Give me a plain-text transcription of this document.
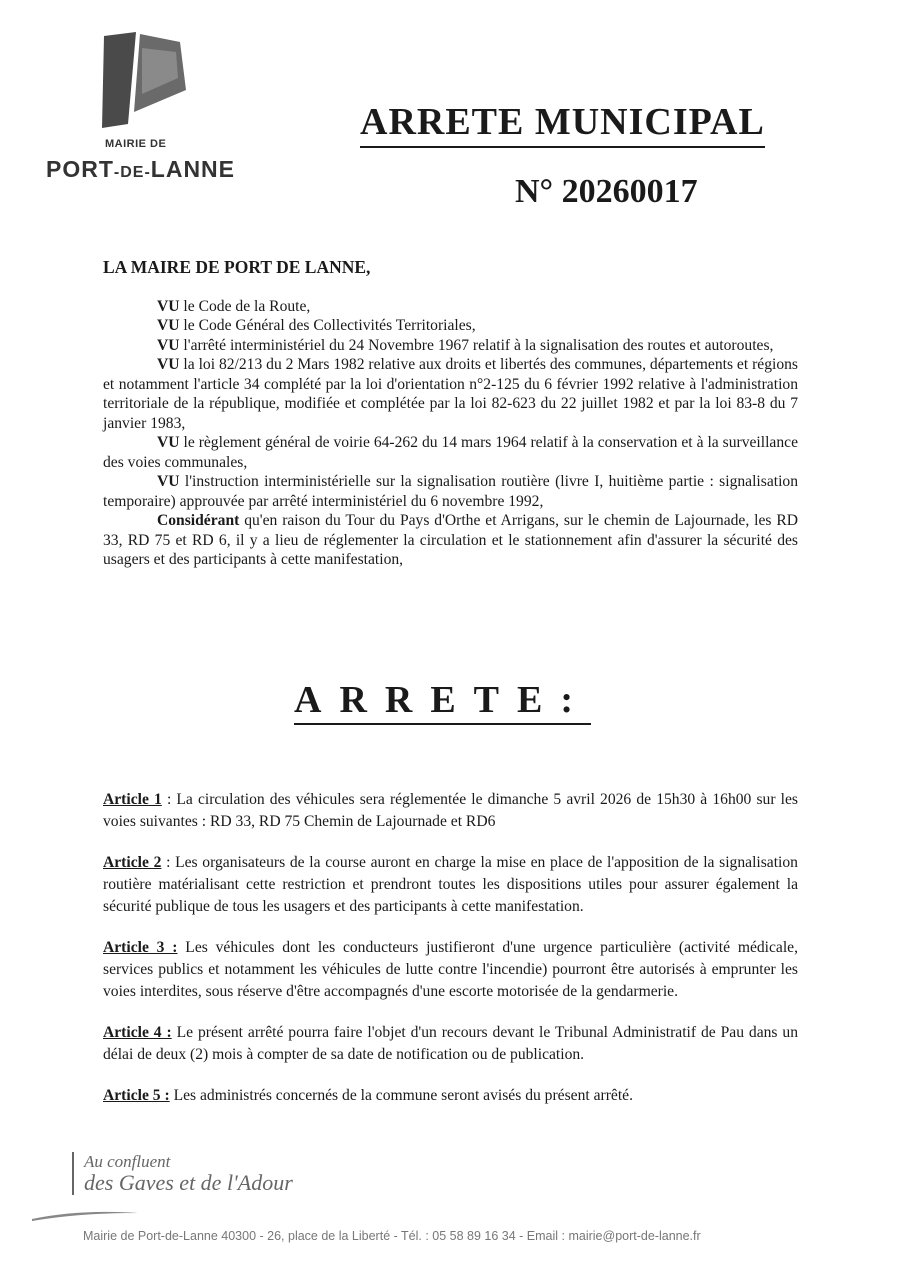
MAIRIE DE
PORT-DE-LANNE
ARRETE MUNICIPAL
N° 20260017
LA MAIRE DE PORT DE LANNE,

VU le Code de la Route,

VU le Code Général des Collectivités Territoriales,

VU l'arrêté interministériel du 24 Novembre 1967 relatif à la signalisation des routes et autoroutes,

VU la loi 82/213 du 2 Mars 1982 relative aux droits et libertés des communes, départements et régions et notamment l'article 34 complété par la loi d'orientation n°2-125 du 6 février 1992 relative à l'administration territoriale de la république, modifiée et complétée par la loi 82-623 du 22 juillet 1982 et par la loi 83-8 du 7 janvier 1983,

VU le règlement général de voirie 64-262 du 14 mars 1964 relatif à la conservation et à la surveillance des voies communales,

VU l'instruction interministérielle sur la signalisation routière (livre I, huitième partie : signalisation temporaire) approuvée par arrêté interministériel du 6 novembre 1992,

Considérant qu'en raison du Tour du Pays d'Orthe et Arrigans, sur le chemin de Lajournade, les RD 33, RD 75 et RD 6, il y a lieu de réglementer la circulation et le stationnement afin d'assurer la sécurité des usagers et des participants à cette manifestation,

ARRETE:

Article 1 : La circulation des véhicules sera réglementée le dimanche 5 avril 2026 de 15h30 à 16h00 sur les voies suivantes : RD 33, RD 75 Chemin de Lajournade et RD6

Article 2 : Les organisateurs de la course auront en charge la mise en place de l'apposition de la signalisation routière matérialisant cette restriction et prendront toutes les dispositions utiles pour assurer également la sécurité publique de tous les usagers et des participants à cette manifestation.

Article 3 : Les véhicules dont les conducteurs justifieront d'une urgence particulière (activité médicale, services publics et notamment les véhicules de lutte contre l'incendie) pourront être autorisés à emprunter les voies interdites, sous réserve d'être accompagnés d'une escorte motorisée de la gendarmerie.

Article 4 : Le présent arrêté pourra faire l'objet d'un recours devant le Tribunal Administratif de Pau dans un délai de deux (2) mois à compter de sa date de notification ou de publication.

Article 5 : Les administrés concernés de la commune seront avisés du présent arrêté.

Au confluent
des Gaves et de l'Adour
Mairie de Port-de-Lanne 40300 - 26, place de la Liberté - Tél. : 05 58 89 16 34 - Email : mairie@port-de-lanne.fr
